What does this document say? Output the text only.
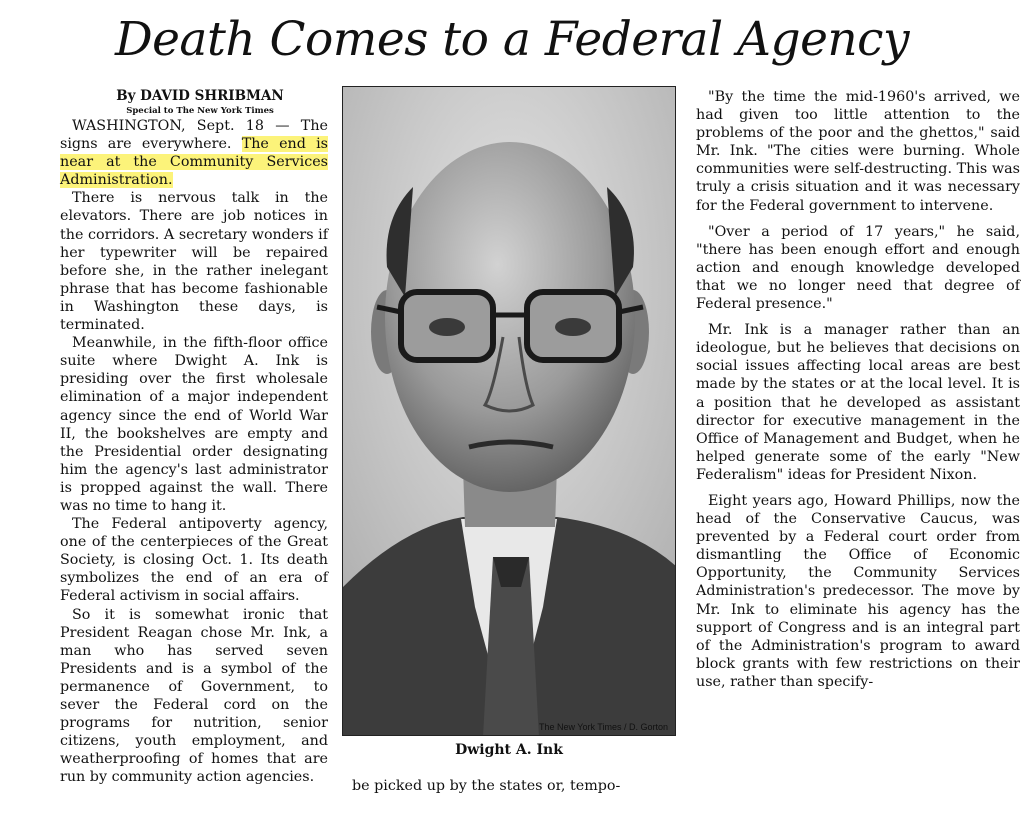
Death Comes to a Federal Agency

By DAVID SHRIBMAN

Special to The New York Times

WASHINGTON, Sept. 18 — The signs are everywhere. The end is near at the Community Services Administration.

There is nervous talk in the elevators. There are job notices in the corridors. A secretary wonders if her typewriter will be repaired before she, in the rather inelegant phrase that has become fashionable in Washington these days, is terminated.

Meanwhile, in the fifth-floor office suite where Dwight A. Ink is presiding over the first wholesale elimination of a major independent agency since the end of World War II, the bookshelves are empty and the Presidential order designating him the agency's last administrator is propped against the wall. There was no time to hang it.

The Federal antipoverty agency, one of the centerpieces of the Great Society, is closing Oct. 1. Its death symbolizes the end of an era of Federal activism in social affairs.

So it is somewhat ironic that President Reagan chose Mr. Ink, a man who has served seven Presidents and is a symbol of the permanence of Government, to sever the Federal cord on the programs for nutrition, senior citizens, youth employment, and weatherproofing of homes that are run by community action agencies.

The New York Times / D. Gorton
Dwight A. Ink
be picked up by the states or, tempo-

"By the time the mid-1960's arrived, we had given too little attention to the problems of the poor and the ghettos," said Mr. Ink. "The cities were burning. Whole communities were self-destructing. This was truly a crisis situation and it was necessary for the Federal government to intervene.

"Over a period of 17 years," he said, "there has been enough effort and enough action and enough knowledge developed that we no longer need that degree of Federal presence."

Mr. Ink is a manager rather than an ideologue, but he believes that decisions on social issues affecting local areas are best made by the states or at the local level. It is a position that he developed as assistant director for executive management in the Office of Management and Budget, when he helped generate some of the early "New Federalism" ideas for President Nixon.

Eight years ago, Howard Phillips, now the head of the Conservative Caucus, was prevented by a Federal court order from dismantling the Office of Economic Opportunity, the Community Services Administration's predecessor. The move by Mr. Ink to eliminate his agency has the support of Congress and is an integral part of the Administration's program to award block grants with few restrictions on their use, rather than specify-
